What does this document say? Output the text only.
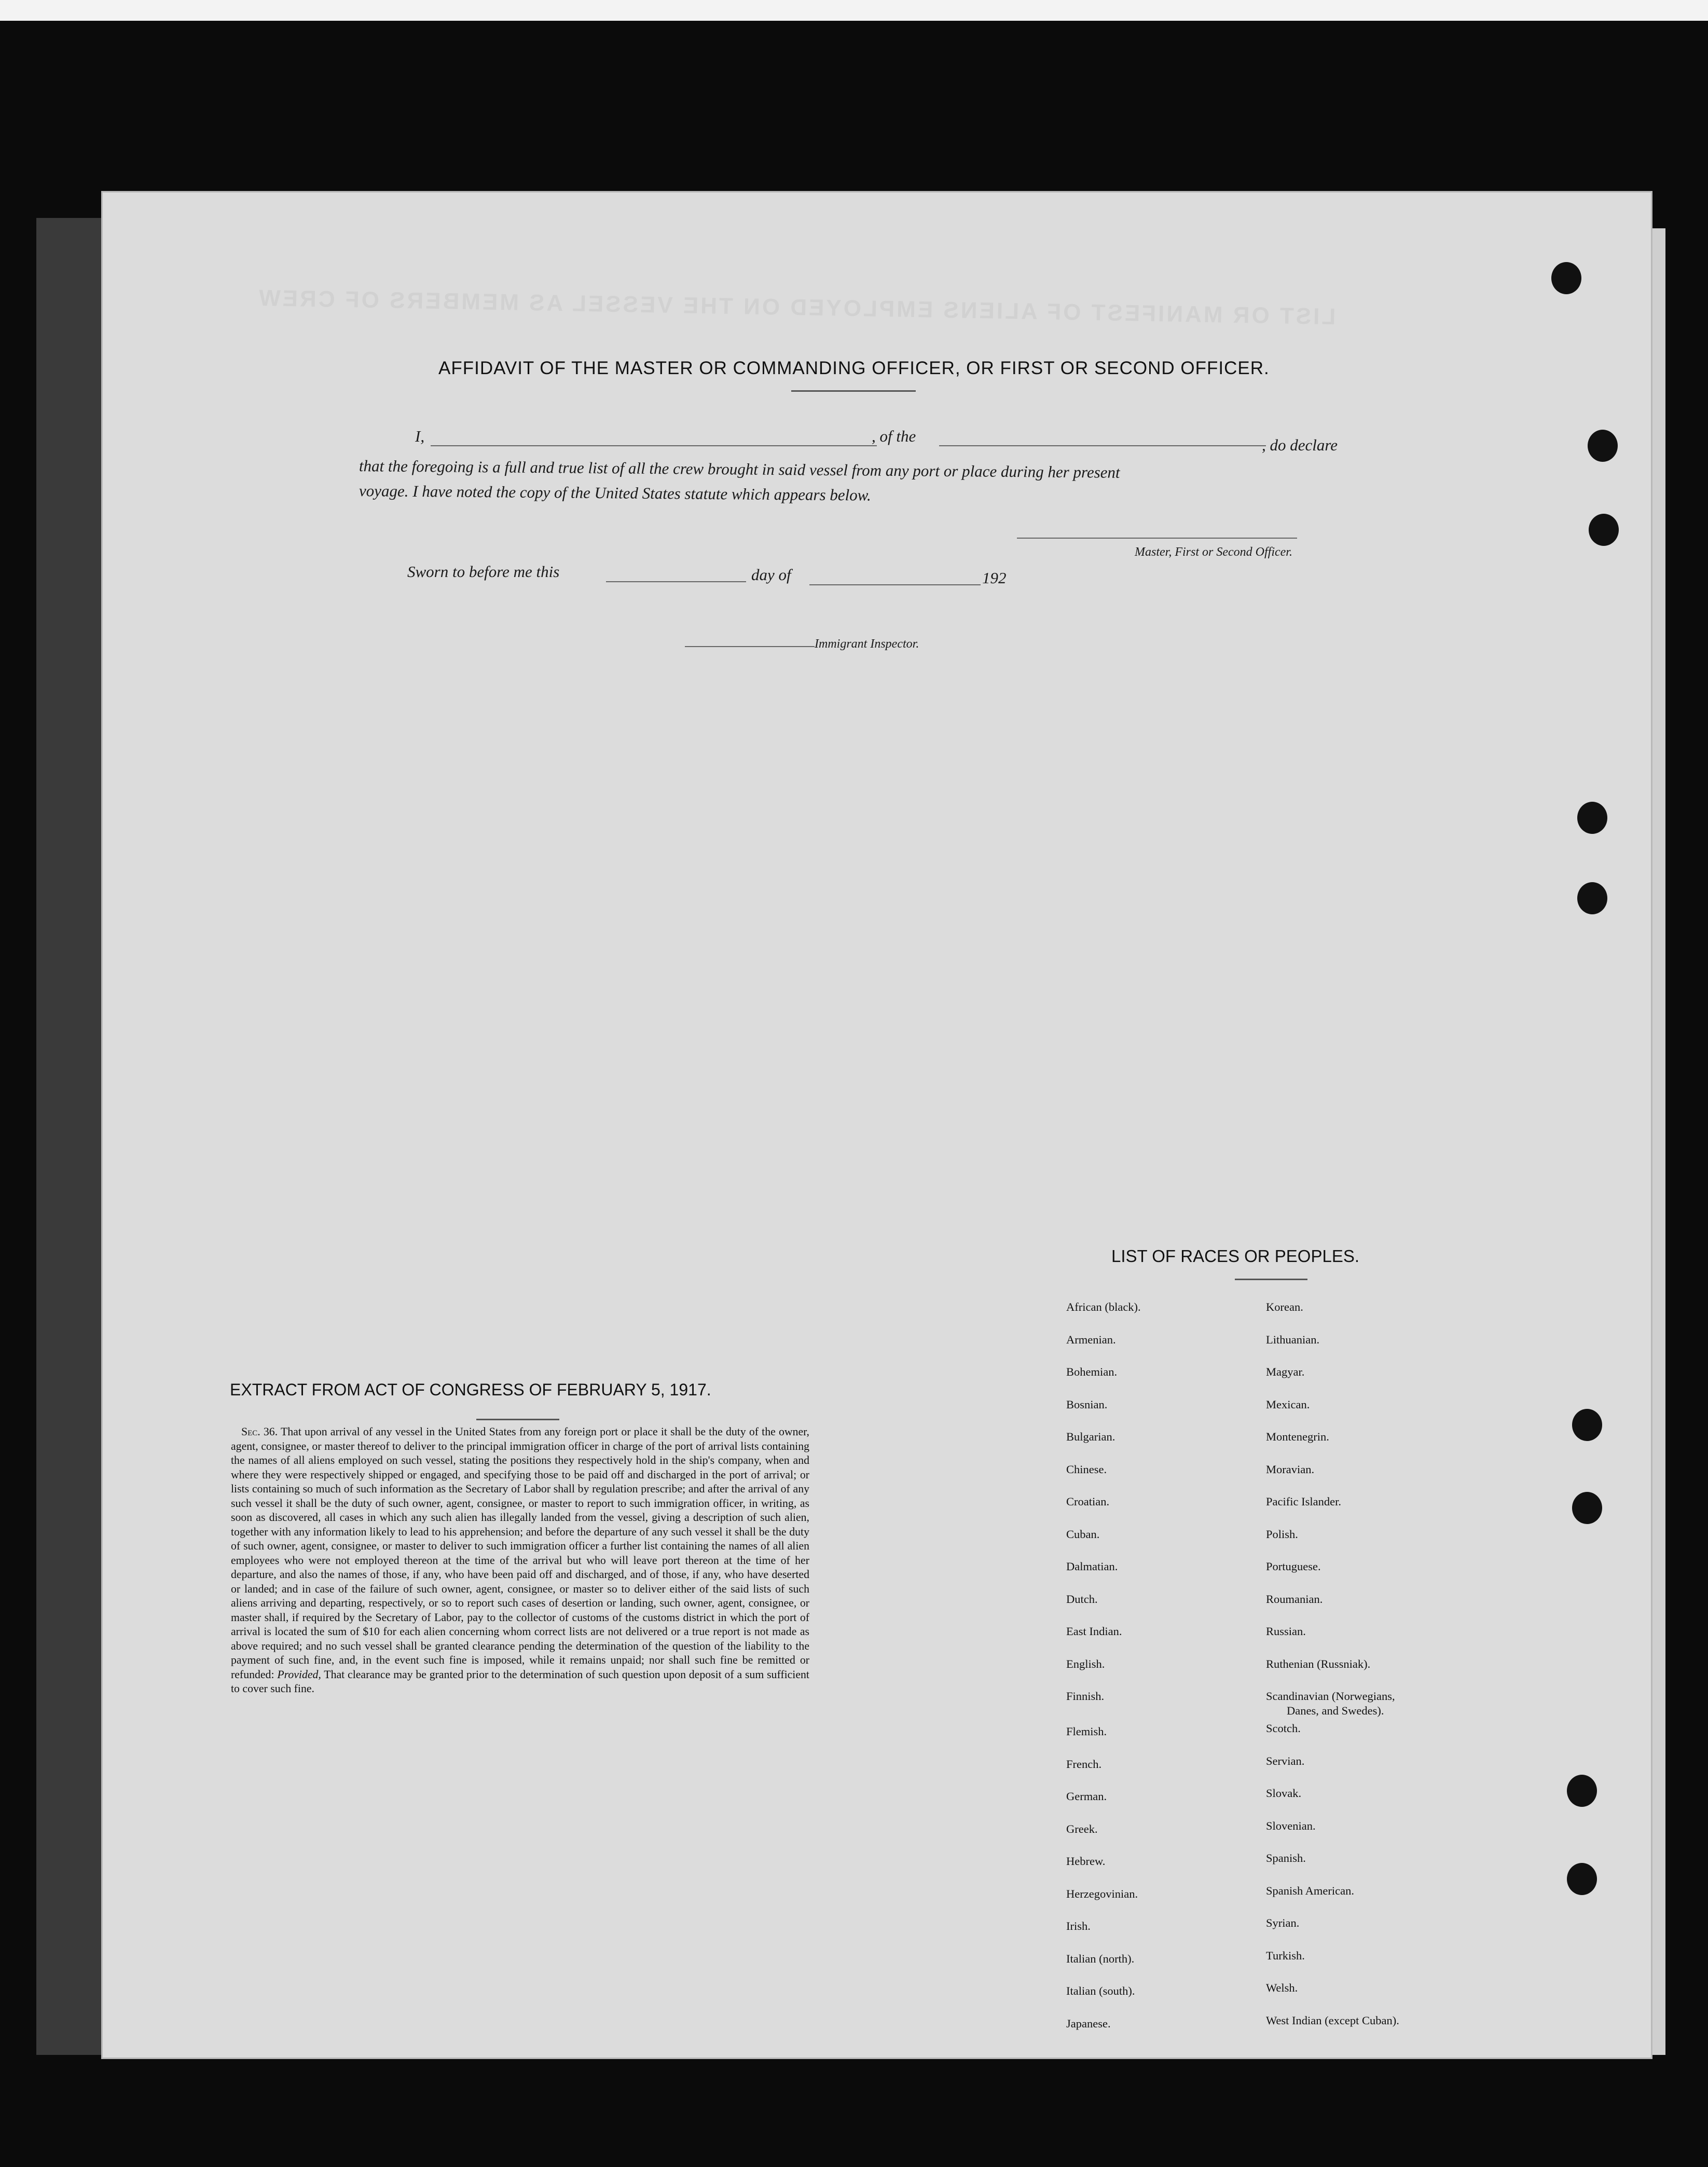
LIST OR MANIFEST OF ALIENS EMPLOYED ON THE VESSEL AS MEMBERS OF CREW
AFFIDAVIT OF THE MASTER OR COMMANDING OFFICER, OR FIRST OR SECOND OFFICER.
I,	, of the	, do declare
that the foregoing is a full and true list of all the crew brought in said vessel from any port or place during her present
voyage. I have noted the copy of the United States statute which appears below.
Master, First or Second Officer.
Sworn to before me this	day of	192
Immigrant Inspector.
EXTRACT FROM ACT OF CONGRESS OF FEBRUARY 5, 1917.
Sec. 36. That upon arrival of any vessel in the United States from any foreign port or place it shall be the duty of the owner, agent, consignee, or master thereof to deliver to the principal immigration officer in charge of the port of arrival lists containing the names of all aliens employed on such vessel, stating the positions they respectively hold in the ship's company, when and where they were respectively shipped or engaged, and specifying those to be paid off and discharged in the port of arrival; or lists containing so much of such information as the Secretary of Labor shall by regulation prescribe; and after the arrival of any such vessel it shall be the duty of such owner, agent, consignee, or master to report to such immigration officer, in writing, as soon as discovered, all cases in which any such alien has illegally landed from the vessel, giving a description of such alien, together with any information likely to lead to his apprehension; and before the departure of any such vessel it shall be the duty of such owner, agent, consignee, or master to deliver to such immigration officer a further list containing the names of all alien employees who were not employed thereon at the time of the arrival but who will leave port thereon at the time of her departure, and also the names of those, if any, who have been paid off and discharged, and of those, if any, who have deserted or landed; and in case of the failure of such owner, agent, consignee, or master so to deliver either of the said lists of such aliens arriving and departing, respectively, or so to report such cases of desertion or landing, such owner, agent, consignee, or master shall, if required by the Secretary of Labor, pay to the collector of customs of the customs district in which the port of arrival is located the sum of $10 for each alien concerning whom correct lists are not delivered or a true report is not made as above required; and no such vessel shall be granted clearance pending the determination of the question of the liability to the payment of such fine, and, in the event such fine is imposed, while it remains unpaid; nor shall such fine be remitted or refunded: Provided, That clearance may be granted prior to the determination of such question upon deposit of a sum sufficient to cover such fine.
LIST OF RACES OR PEOPLES.
African (black).
Armenian.
Bohemian.
Bosnian.
Bulgarian.
Chinese.
Croatian.
Cuban.
Dalmatian.
Dutch.
East Indian.
English.
Finnish.
Flemish.
French.
German.
Greek.
Hebrew.
Herzegovinian.
Irish.
Italian (north).
Italian (south).
Japanese.
Korean.
Lithuanian.
Magyar.
Mexican.
Montenegrin.
Moravian.
Pacific Islander.
Polish.
Portuguese.
Roumanian.
Russian.
Ruthenian (Russniak).
Scandinavian (Norwegians,
Danes, and Swedes).
Scotch.
Servian.
Slovak.
Slovenian.
Spanish.
Spanish American.
Syrian.
Turkish.
Welsh.
West Indian (except Cuban).
